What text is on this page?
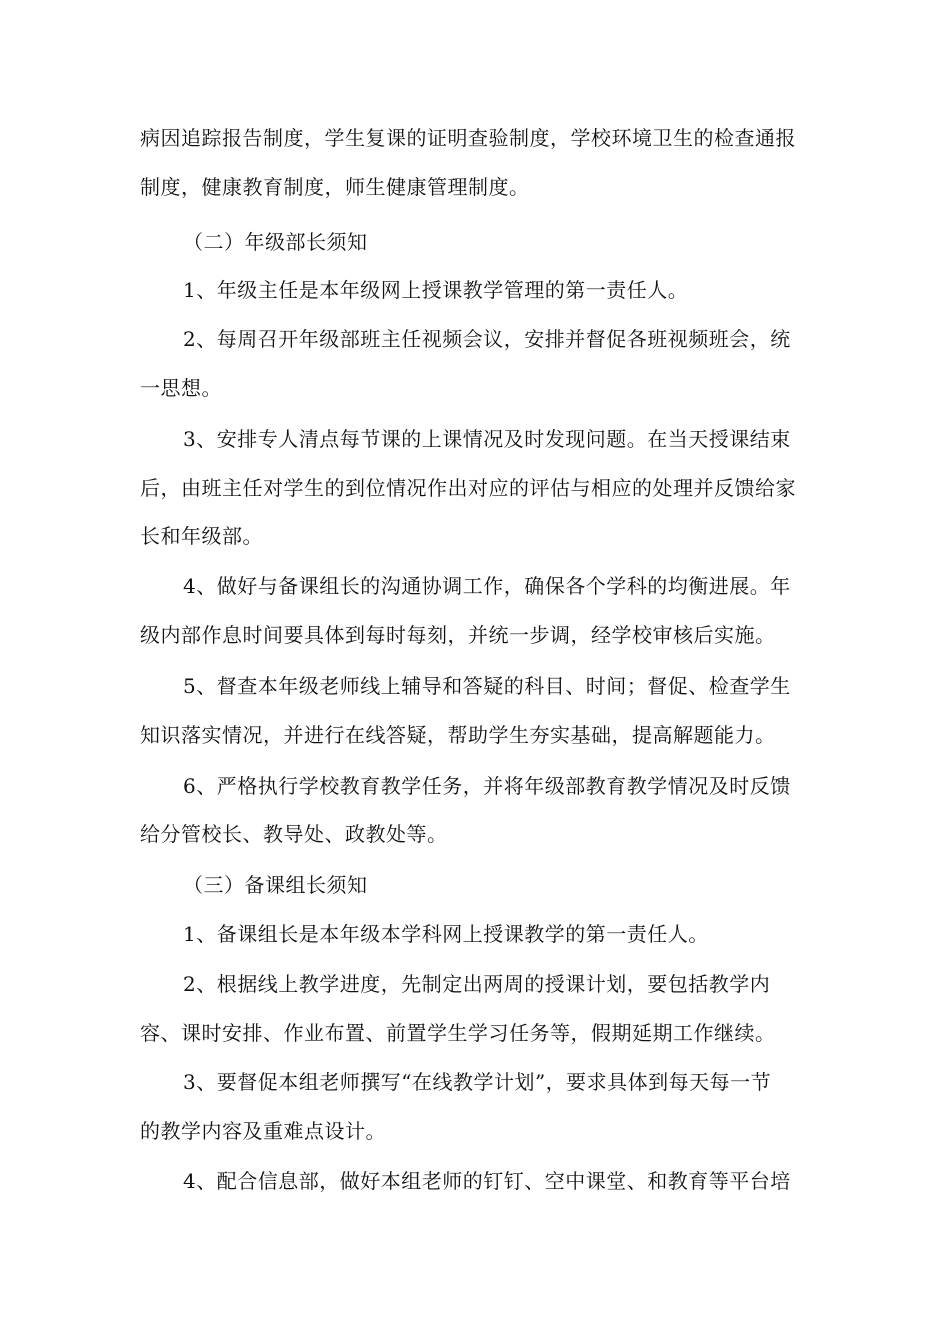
病因追踪报告制度，学生复课的证明查验制度，学校环境卫生的检查通报
制度，健康教育制度，师生健康管理制度。
（二）年级部长须知
1、年级主任是本年级网上授课教学管理的第一责任人。
2、每周召开年级部班主任视频会议，安排并督促各班视频班会，统
一思想。
3、安排专人清点每节课的上课情况及时发现问题。在当天授课结束
后，由班主任对学生的到位情况作出对应的评估与相应的处理并反馈给家
长和年级部。
4、做好与备课组长的沟通协调工作，确保各个学科的均衡进展。年
级内部作息时间要具体到每时每刻，并统一步调，经学校审核后实施。
5、督查本年级老师线上辅导和答疑的科目、时间；督促、检查学生
知识落实情况，并进行在线答疑，帮助学生夯实基础，提高解题能力。
6、严格执行学校教育教学任务，并将年级部教育教学情况及时反馈
给分管校长、教导处、政教处等。
（三）备课组长须知
1、备课组长是本年级本学科网上授课教学的第一责任人。
2、根据线上教学进度，先制定出两周的授课计划，要包括教学内
容、课时安排、作业布置、前置学生学习任务等，假期延期工作继续。
3、要督促本组老师撰写“在线教学计划”，要求具体到每天每一节
的教学内容及重难点设计。
4、配合信息部，做好本组老师的钉钉、空中课堂、和教育等平台培
